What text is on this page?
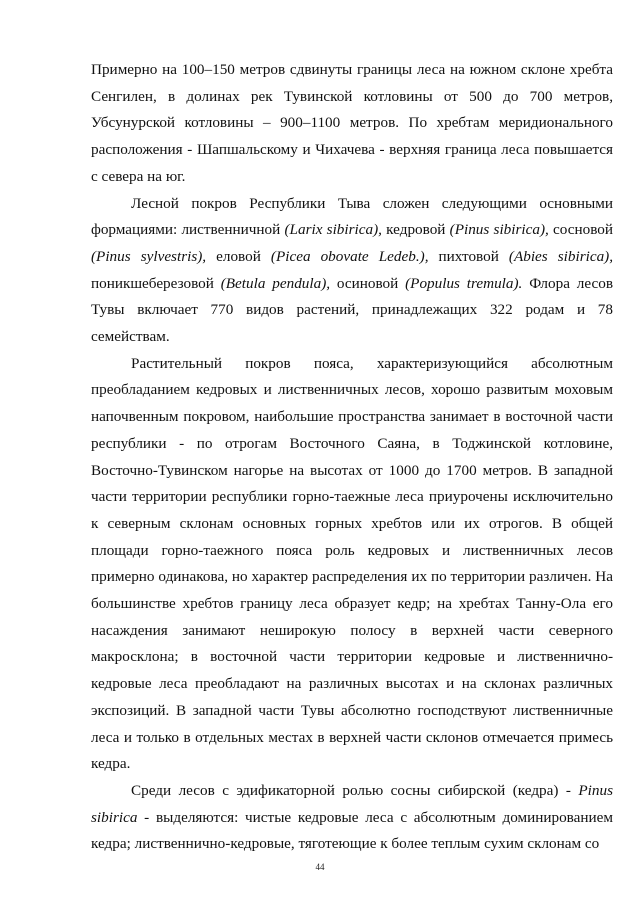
Примерно на 100–150 метров сдвинуты границы леса на южном склоне хребта Сенгилен, в долинах рек Тувинской котловины от 500 до 700 метров, Убсунурской котловины – 900–1100 метров. По хребтам меридионального расположения - Шапшальскому и Чихачева - верхняя граница леса повышается с севера на юг.

Лесной покров Республики Тыва сложен следующими основными формациями: лиственничной (Larix sibirica), кедровой (Pinus sibirica), сосновой (Pinus sylvestris), еловой (Picea obovate Ledeb.), пихтовой (Abies sibirica), поникшеберезовой (Betula pendula), осиновой (Populus tremula). Флора лесов Тувы включает 770 видов растений, принадлежащих 322 родам и 78 семействам.

Растительный покров пояса, характеризующийся абсолютным преобладанием кедровых и лиственничных лесов, хорошо развитым моховым напочвенным покровом, наибольшие пространства занимает в восточной части республики - по отрогам Восточного Саяна, в Тоджинской котловине, Восточно-Тувинском нагорье на высотах от 1000 до 1700 метров. В западной части территории республики горно-таежные леса приурочены исключительно к северным склонам основных горных хребтов или их отрогов. В общей площади горно-таежного пояса роль кедровых и лиственничных лесов примерно одинакова, но характер распределения их по территории различен. На большинстве хребтов границу леса образует кедр; на хребтах Танну-Ола его насаждения занимают неширокую полосу в верхней части северного макросклона; в восточной части территории кедровые и лиственнично-кедровые леса преобладают на различных высотах и на склонах различных экспозиций. В западной части Тувы абсолютно господствуют лиственничные леса и только в отдельных местах в верхней части склонов отмечается примесь кедра.

Среди лесов с эдификаторной ролью сосны сибирской (кедра) - Pinus sibirica - выделяются: чистые кедровые леса с абсолютным доминированием кедра; лиственнично-кедровые, тяготеющие к более теплым сухим склонам со

44
